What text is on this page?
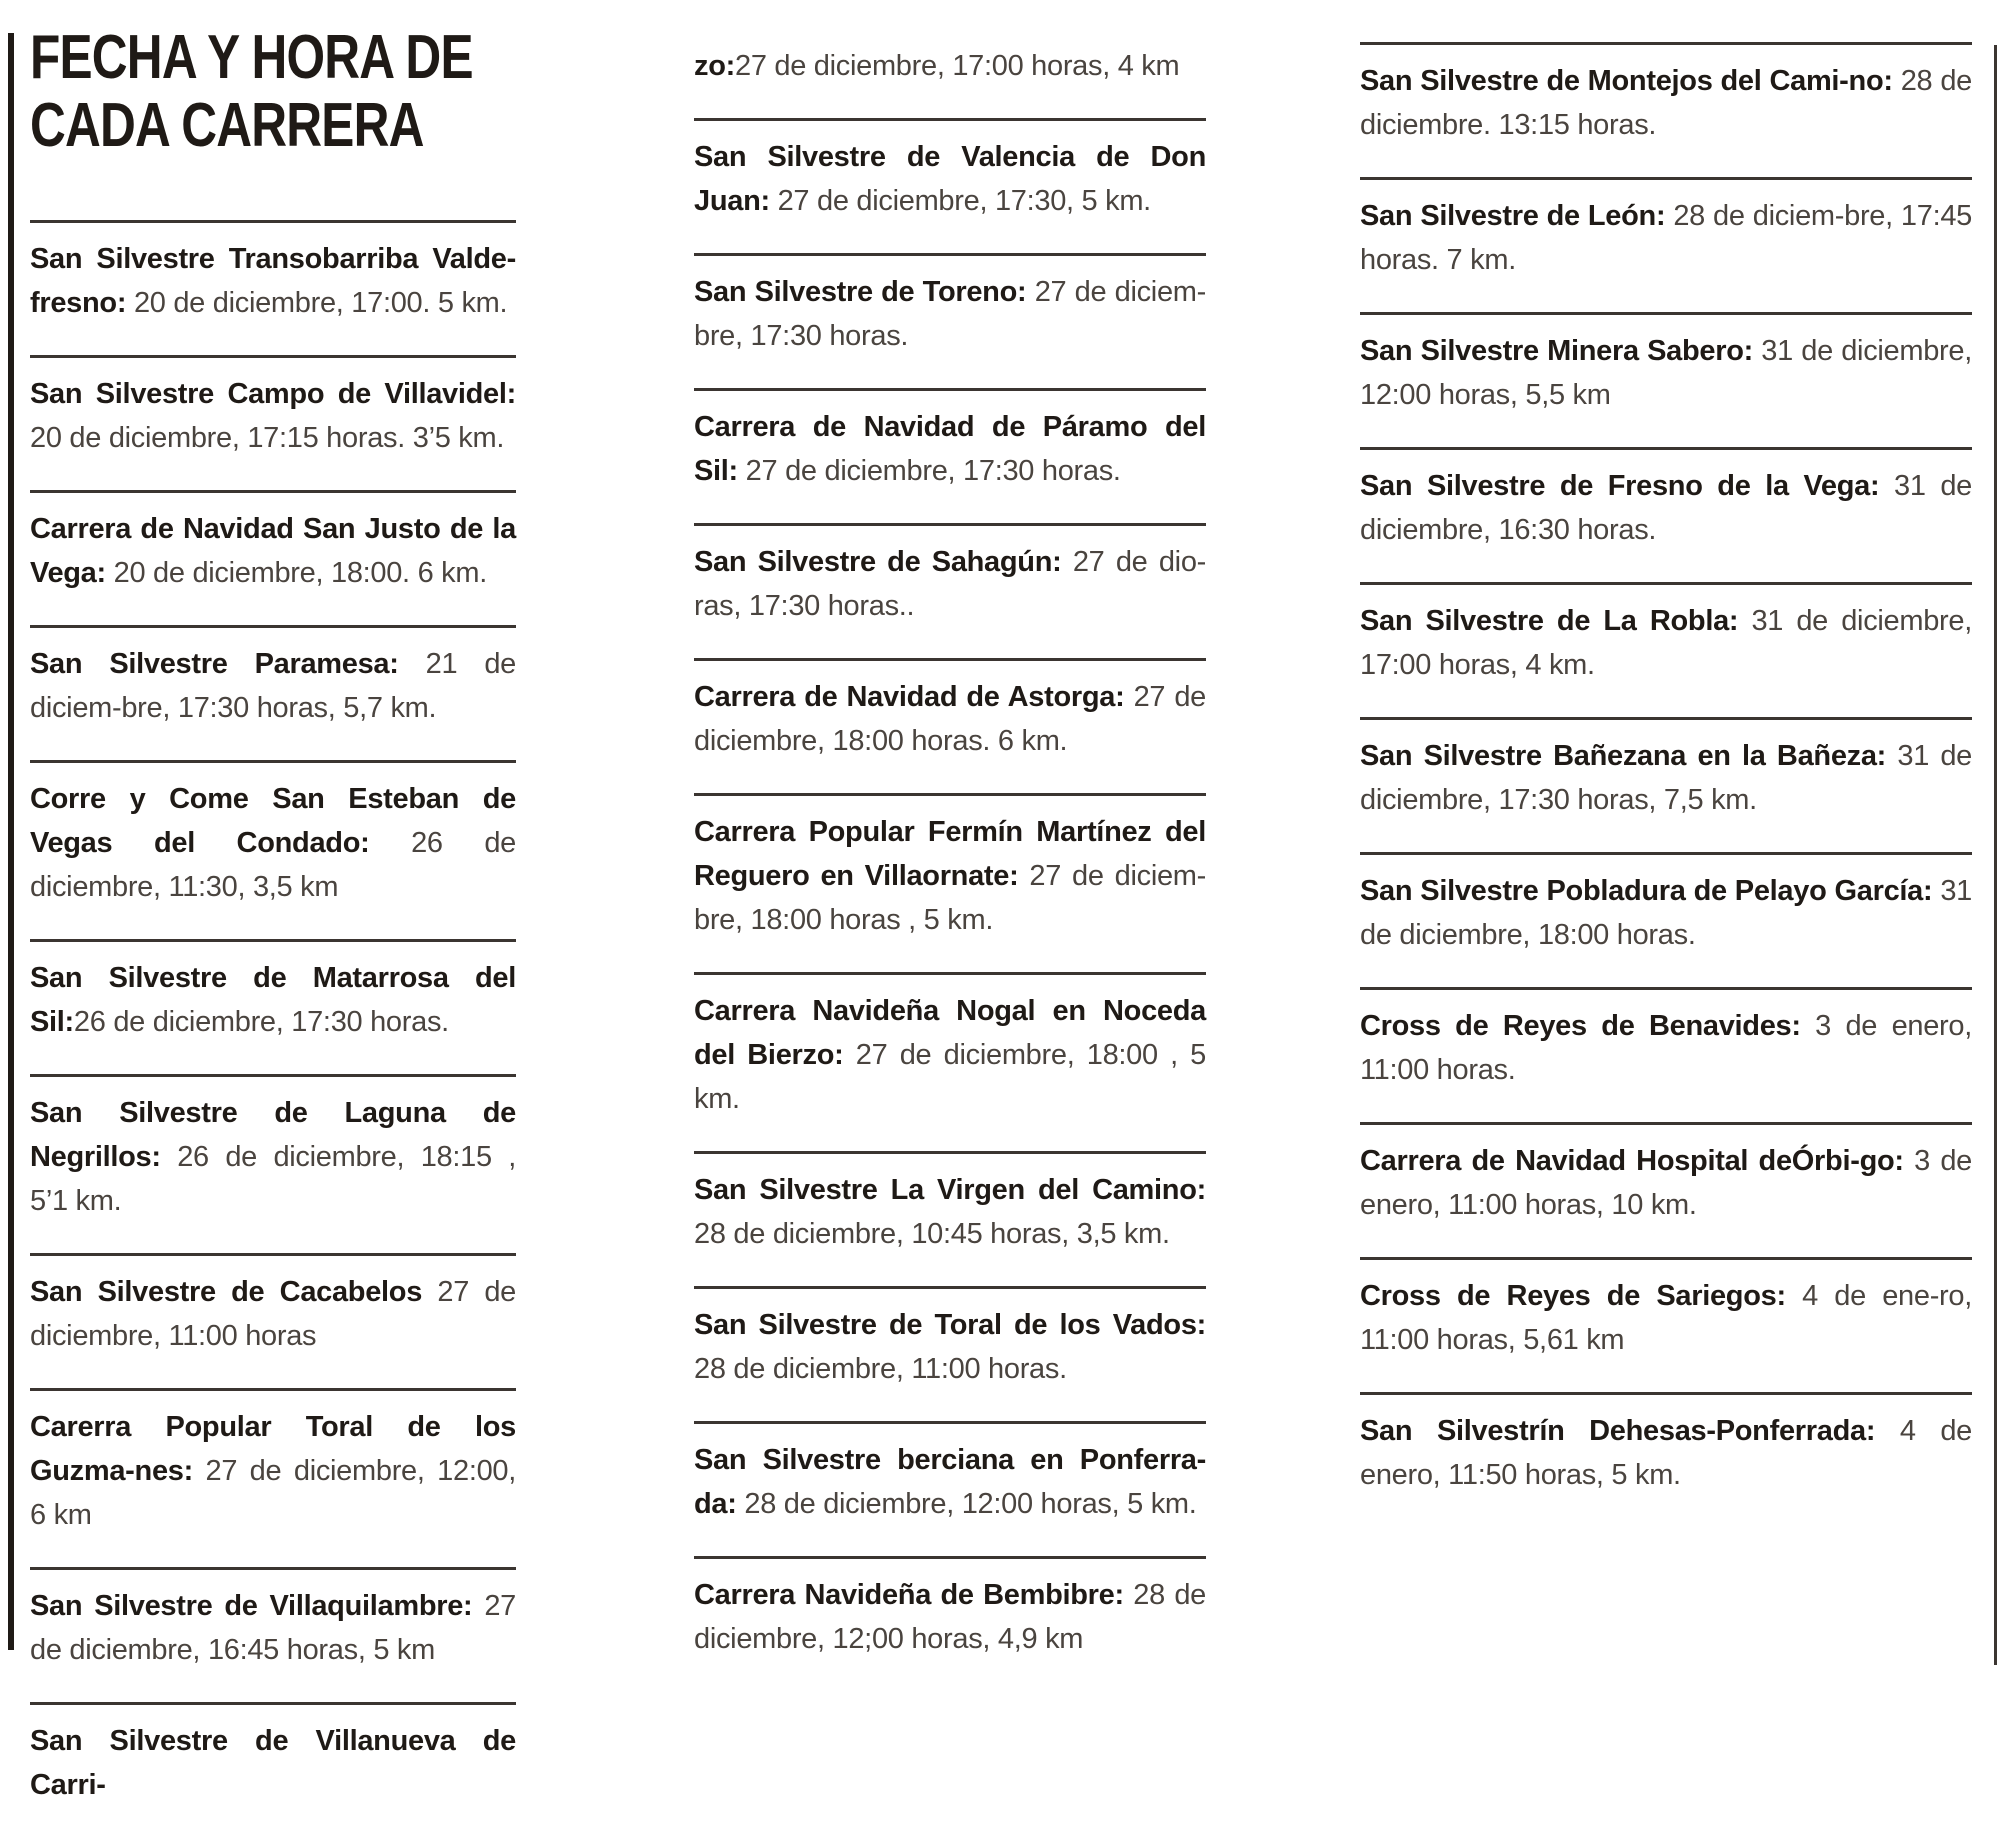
FECHA Y HORA DE
CADA CARRERA
San Silvestre Transobarriba Valde-fresno: 20 de diciembre, 17:00. 5 km.
San Silvestre Campo de Villavidel: 20 de diciembre, 17:15 horas. 3’5 km.
Carrera de Navidad San Justo de la Vega: 20 de diciembre, 18:00. 6 km.
San Silvestre Paramesa: 21 de diciem-bre, 17:30 horas, 5,7 km.
Corre y Come San Esteban de Vegas del Condado: 26 de diciembre, 11:30, 3,5 km
San Silvestre de Matarrosa del Sil:26 de diciembre, 17:30 horas.
San Silvestre de Laguna de Negrillos: 26 de diciembre, 18:15 , 5’1 km.
San Silvestre de Cacabelos 27 de diciembre, 11:00 horas
Carerra Popular Toral de los Guzma-nes: 27 de diciembre, 12:00, 6 km
San Silvestre de Villaquilambre: 27 de diciembre, 16:45 horas, 5 km
San Silvestre de Villanueva de Carri-
zo:27 de diciembre, 17:00 horas, 4 km
San Silvestre de Valencia de Don Juan: 27 de diciembre, 17:30, 5 km.
San Silvestre de Toreno: 27 de diciem-bre, 17:30 horas.
Carrera de Navidad de Páramo del Sil: 27 de diciembre, 17:30 horas.
San Silvestre de Sahagún: 27 de dio-ras, 17:30 horas..
Carrera de Navidad de Astorga: 27 de diciembre, 18:00 horas. 6 km.
Carrera Popular Fermín Martínez del Reguero en Villaornate: 27 de diciem-bre, 18:00 horas , 5 km.
Carrera Navideña Nogal en Noceda del Bierzo: 27 de diciembre, 18:00 , 5 km.
San Silvestre La Virgen del Camino: 28 de diciembre, 10:45 horas, 3,5 km.
San Silvestre de Toral de los Vados: 28 de diciembre, 11:00 horas.
San Silvestre berciana en Ponferra-da: 28 de diciembre, 12:00 horas, 5 km.
Carrera Navideña de Bembibre: 28 de diciembre, 12;00 horas, 4,9 km
San Silvestre de Montejos del Cami-no: 28 de diciembre. 13:15 horas.
San Silvestre de León: 28 de diciem-bre, 17:45 horas. 7 km.
San Silvestre Minera Sabero: 31 de diciembre, 12:00 horas, 5,5 km
San Silvestre de Fresno de la Vega: 31 de diciembre, 16:30 horas.
San Silvestre de La Robla: 31 de diciembre, 17:00 horas, 4 km.
San Silvestre Bañezana en la Bañeza: 31 de diciembre, 17:30 horas, 7,5 km.
San Silvestre Pobladura de Pelayo García: 31 de diciembre, 18:00 horas.
Cross de Reyes de Benavides: 3 de enero, 11:00 horas.
Carrera de Navidad Hospital deÓrbi-go: 3 de enero, 11:00 horas, 10 km.
Cross de Reyes de Sariegos: 4 de ene-ro, 11:00 horas, 5,61 km
San Silvestrín Dehesas-Ponferrada: 4 de enero, 11:50 horas, 5 km.
